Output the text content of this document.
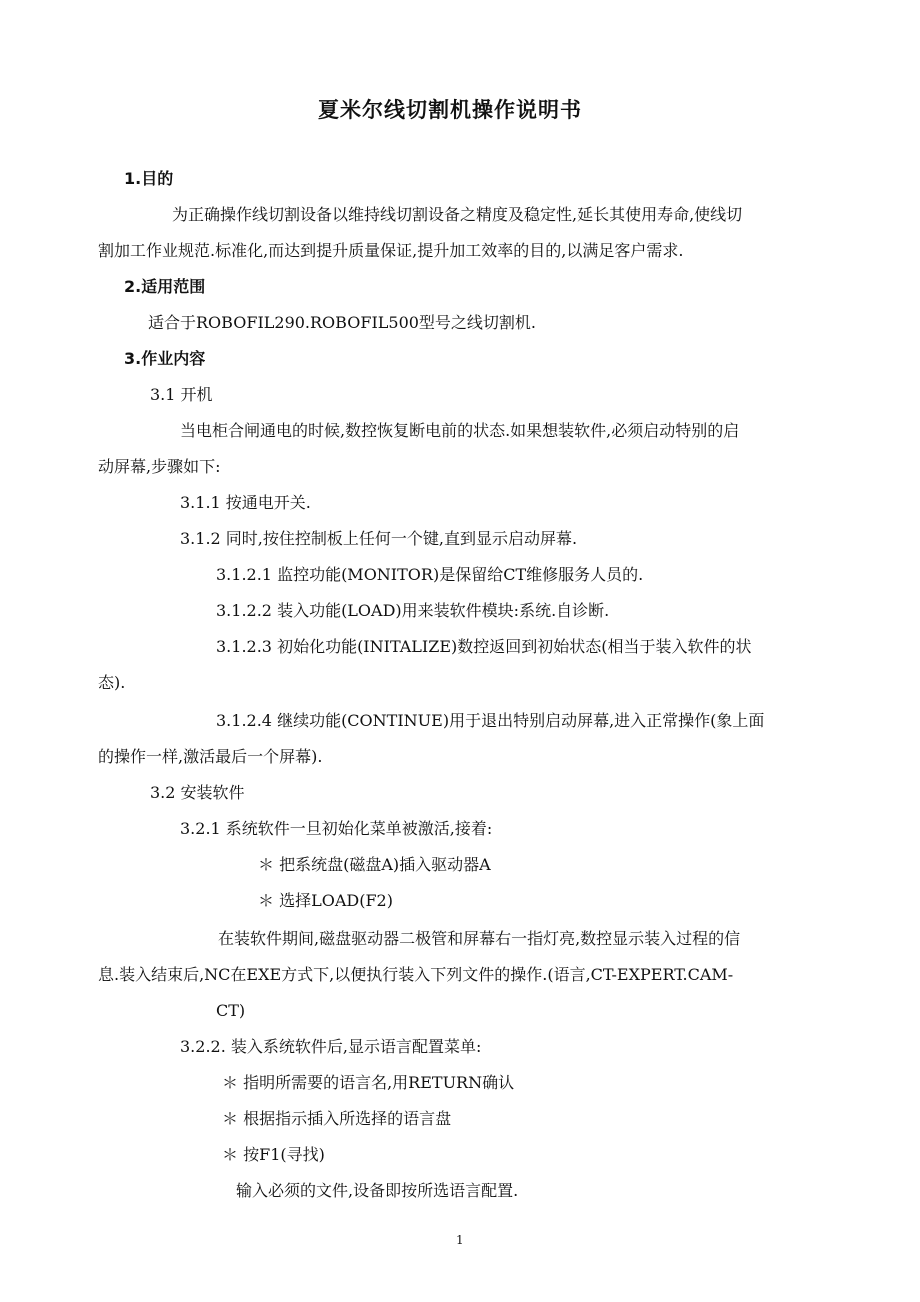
夏米尔线切割机操作说明书
1.目的
为正确操作线切割设备以维持线切割设备之精度及稳定性,延长其使用寿命,使线切
割加工作业规范.标准化,而达到提升质量保证,提升加工效率的目的,以满足客户需求.
2.适用范围
适合于ROBOFIL290.ROBOFIL500型号之线切割机.
3.作业内容
3.1 开机
当电柜合闸通电的时候,数控恢复断电前的状态.如果想装软件,必须启动特别的启
动屏幕,步骤如下:
3.1.1 按通电开关.
3.1.2 同时,按住控制板上任何一个键,直到显示启动屏幕.
3.1.2.1 监控功能(MONITOR)是保留给CT维修服务人员的.
3.1.2.2 装入功能(LOAD)用来装软件模块:系统.自诊断.
3.1.2.3 初始化功能(INITALIZE)数控返回到初始状态(相当于装入软件的状
态).
3.1.2.4 继续功能(CONTINUE)用于退出特别启动屏幕,进入正常操作(象上面
的操作一样,激活最后一个屏幕).
3.2 安装软件
3.2.1 系统软件一旦初始化菜单被激活,接着:
＊ 把系统盘(磁盘A)插入驱动器A
＊ 选择LOAD(F2)
在装软件期间,磁盘驱动器二极管和屏幕右一指灯亮,数控显示装入过程的信
息.装入结束后,NC在EXE方式下,以便执行装入下列文件的操作.(语言,CT-EXPERT.CAM-
CT)
3.2.2. 装入系统软件后,显示语言配置菜单:
＊ 指明所需要的语言名,用RETURN确认
＊ 根据指示插入所选择的语言盘
＊ 按F1(寻找)
输入必须的文件,设备即按所选语言配置.
1
